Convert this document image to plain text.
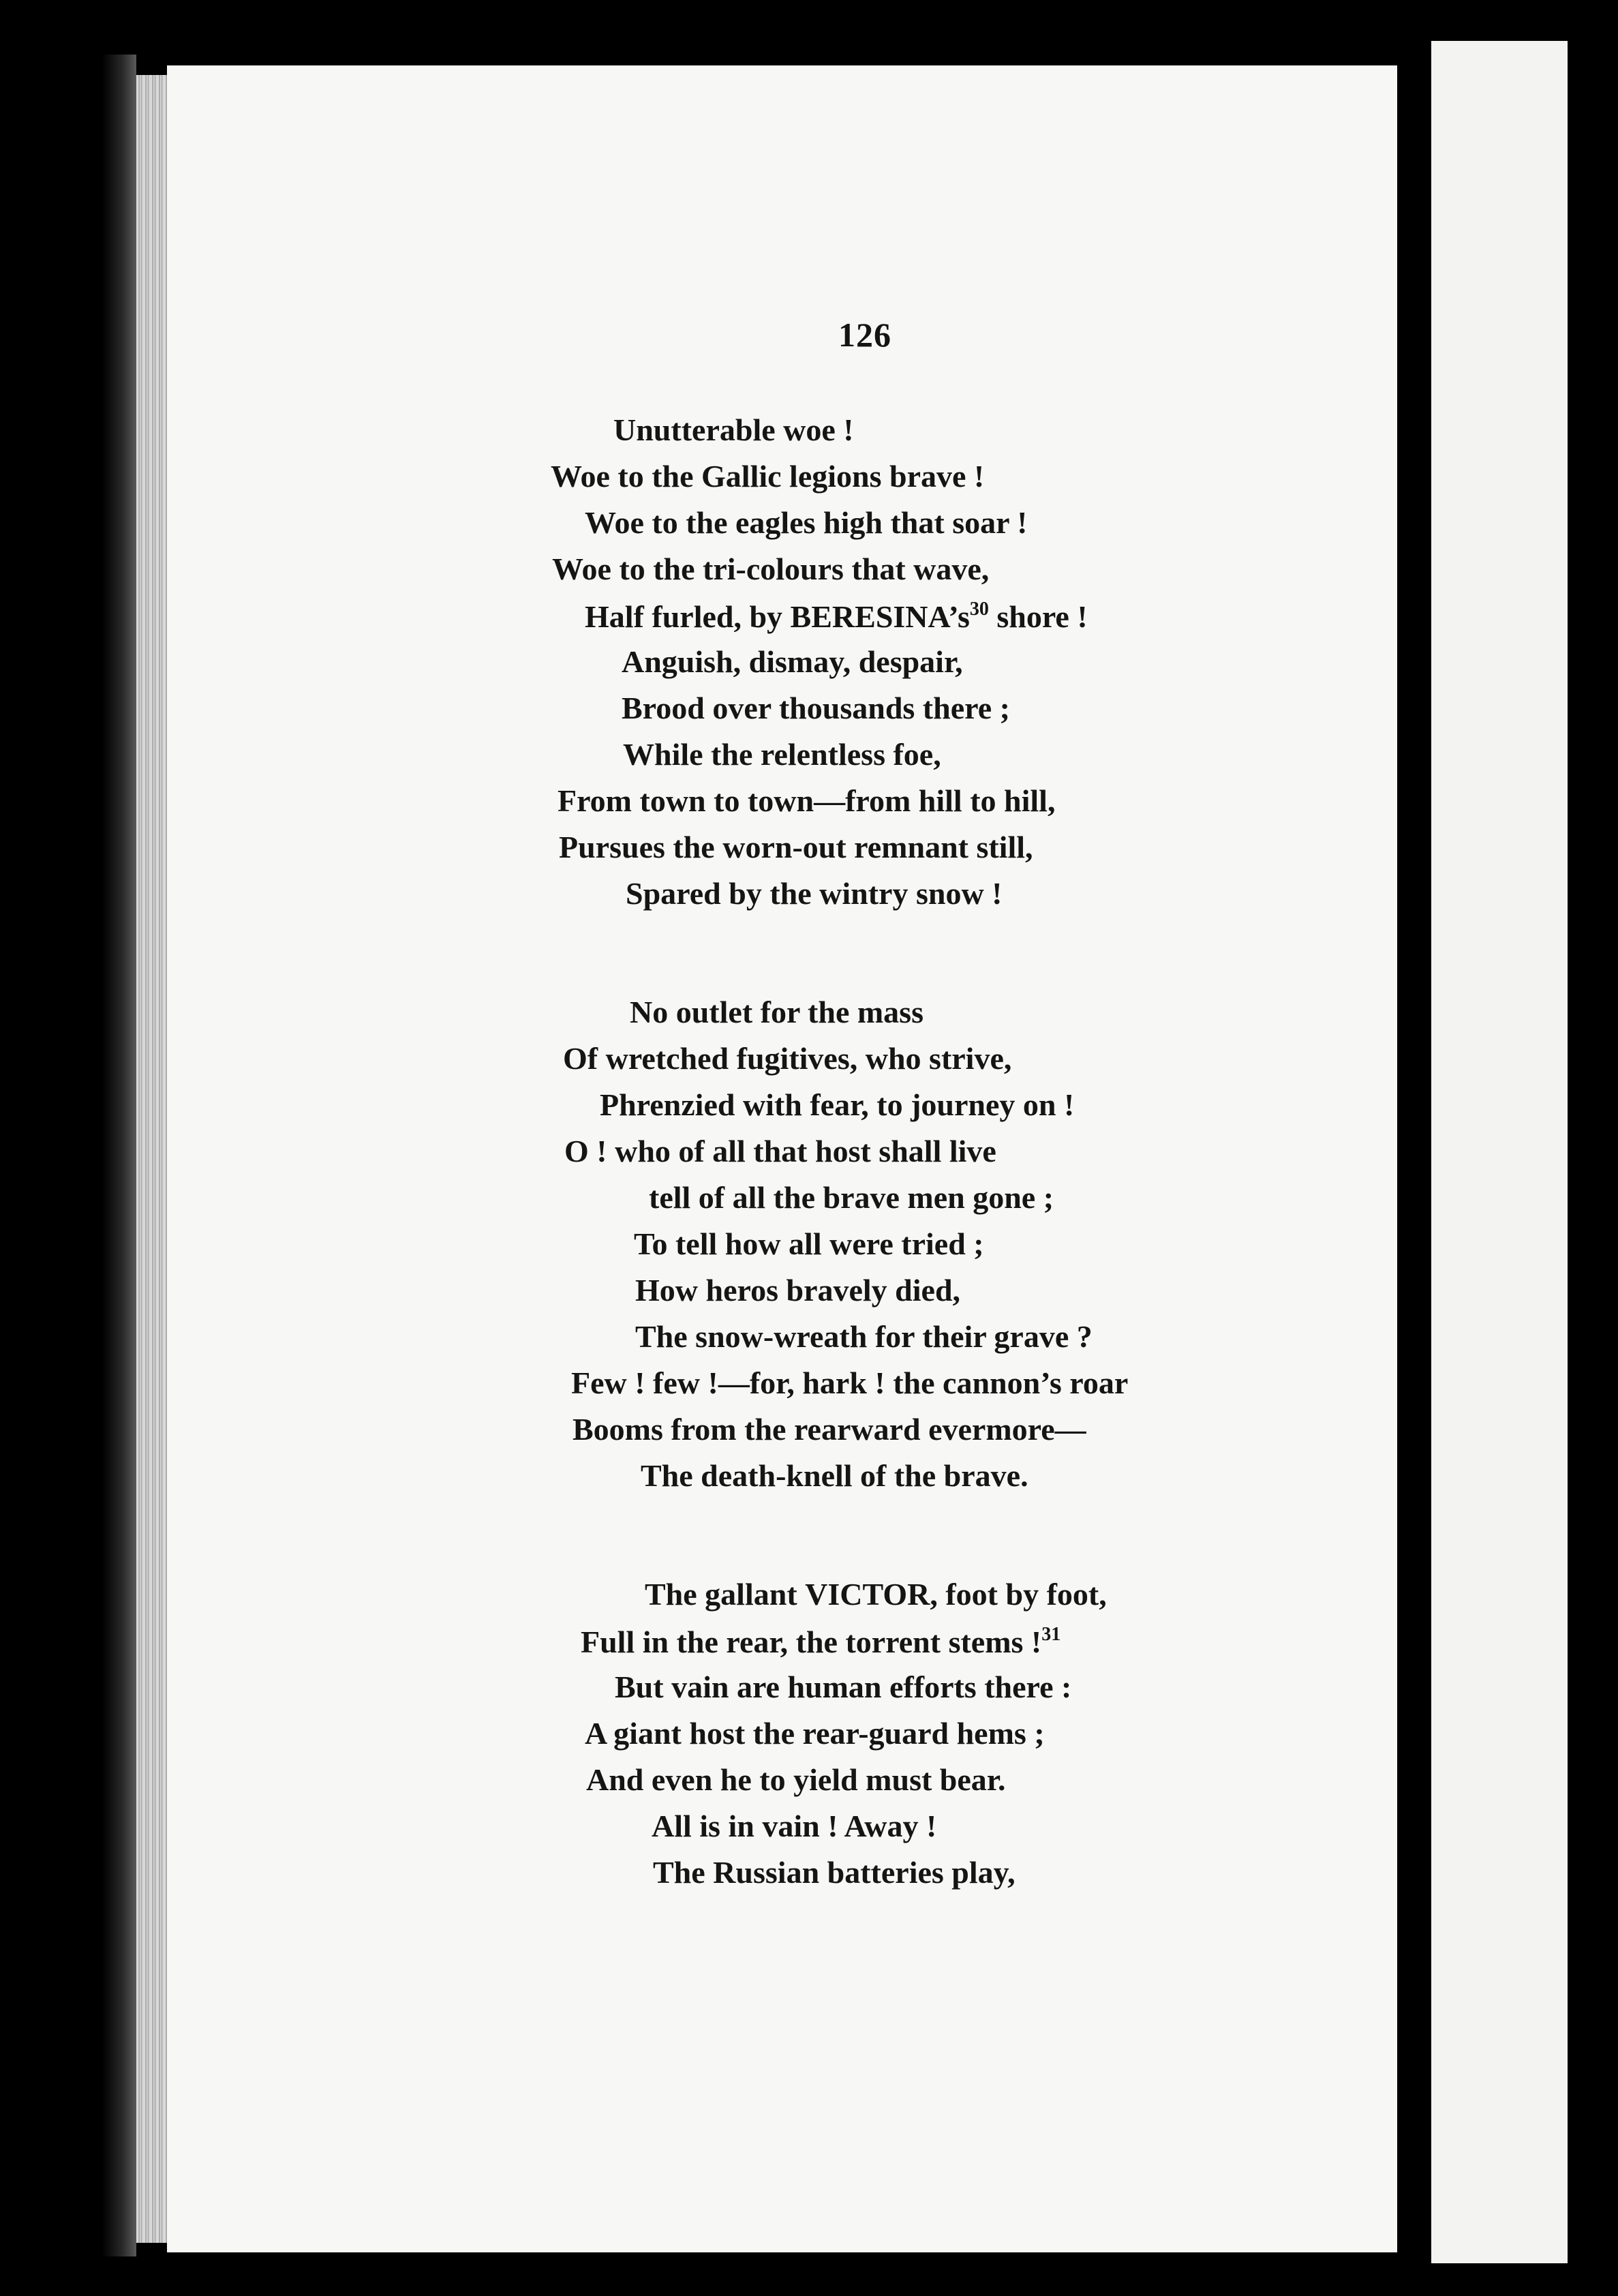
126
Unutterable woe !
Woe to the Gallic legions brave !
Woe to the eagles high that soar !
Woe to the tri-colours that wave,
Half furled, by BERESINA’s$^{30}$ shore !
Anguish, dismay, despair,
Brood over thousands there ;
While the relentless foe,
From town to town—from hill to hill,
Pursues the worn-out remnant still,
Spared by the wintry snow !
No outlet for the mass
Of wretched fugitives, who strive,
Phrenzied with fear, to journey on !
O ! who of all that host shall live
tell of all the brave men gone ;
To tell how all were tried ;
How heros bravely died,
The snow-wreath for their grave ?
Few ! few !—for, hark ! the cannon’s roar
Booms from the rearward evermore—
The death-knell of the brave.
The gallant VICTOR, foot by foot,
Full in the rear, the torrent stems !$^{31}$
But vain are human efforts there :
A giant host the rear-guard hems ;
And even he to yield must bear.
All is in vain ! Away !
The Russian batteries play,
